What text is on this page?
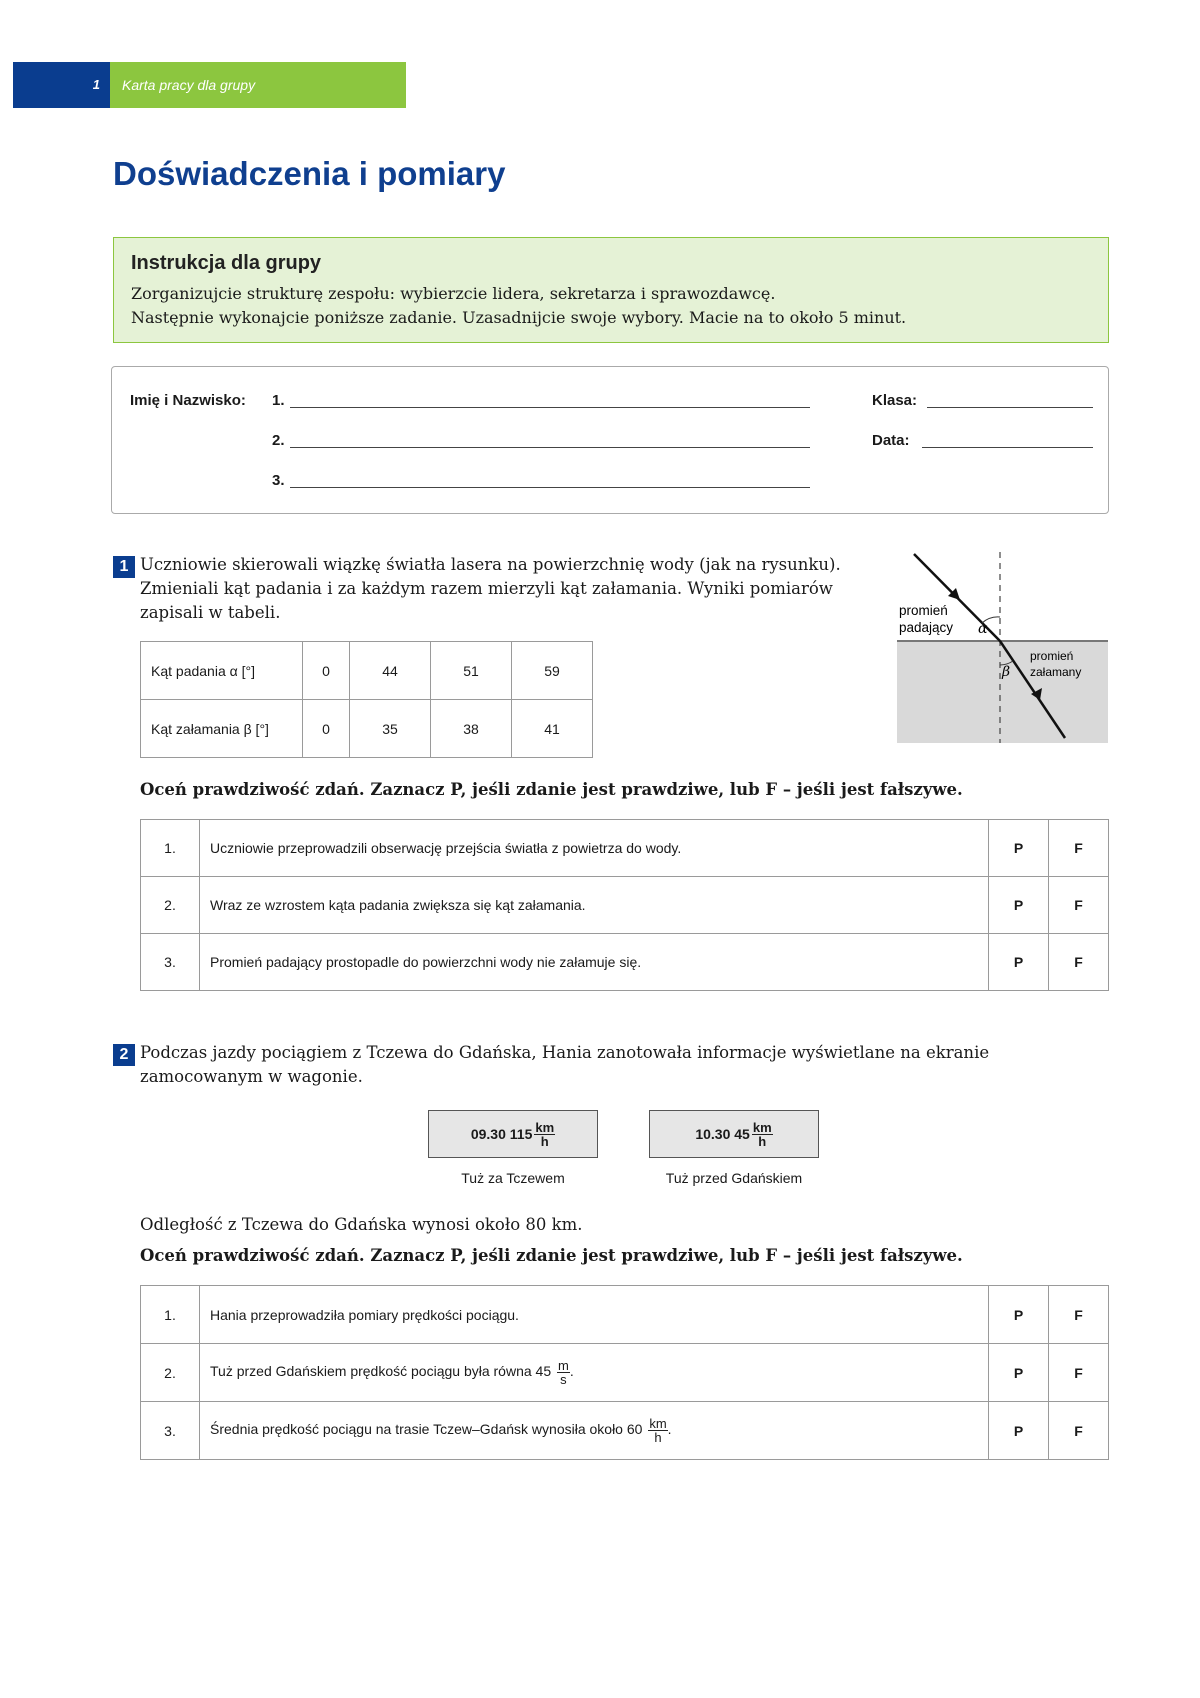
1 Karta pracy dla grupy
Doświadczenia i pomiary
Instrukcja dla grupy
Zorganizujcie strukturę zespołu: wybierzcie lidera, sekretarza i sprawozdawcę.
Następnie wykonajcie poniższe zadanie. Uzasadnijcie swoje wybory. Macie na to około 5 minut.
Imię i Nazwisko: 1.
2.
3.
Klasa:
Data:
1 Uczniowie skierowali wiązkę światła lasera na powierzchnię wody (jak na rysunku).
Zmieniali kąt padania i za każdym razem mierzyli kąt załamania. Wyniki pomiarów
zapisali w tabeli.
Kąt padania α [°]	0	44	51	59
Kąt załamania β [°]	0	35	38	41
α
β
promień
padający
promień
załamany
Oceń prawdziwość zdań. Zaznacz P, jeśli zdanie jest prawdziwe, lub F – jeśli jest fałszywe.
1.	Uczniowie przeprowadzili obserwację przejścia światła z powietrza do wody.	P	F
2.	Wraz ze wzrostem kąta padania zwiększa się kąt załamania.	P	F
3.	Promień padający prostopadle do powierzchni wody nie załamuje się.	P	F
2 Podczas jazdy pociągiem z Tczewa do Gdańska, Hania zanotowała informacje wyświetlane na ekranie
zamocowanym w wagonie.
09.30 $115 \frac{km}{h}$
Tuż za Tczewem
10.30 $45 \frac{km}{h}$
Tuż przed Gdańskiem
Odległość z Tczewa do Gdańska wynosi około 80 km.
Oceń prawdziwość zdań. Zaznacz P, jeśli zdanie jest prawdziwe, lub F – jeśli jest fałszywe.
1.	Hania przeprowadziła pomiary prędkości pociągu.	P	F
2.	Tuż przed Gdańskiem prędkość pociągu była równa $45 \frac{m}{s}$ .	P	F
3.	Średnia prędkość pociągu na trasie Tczew–Gdańsk wynosiła około $60 \frac{km}{h}$ .	P	F
